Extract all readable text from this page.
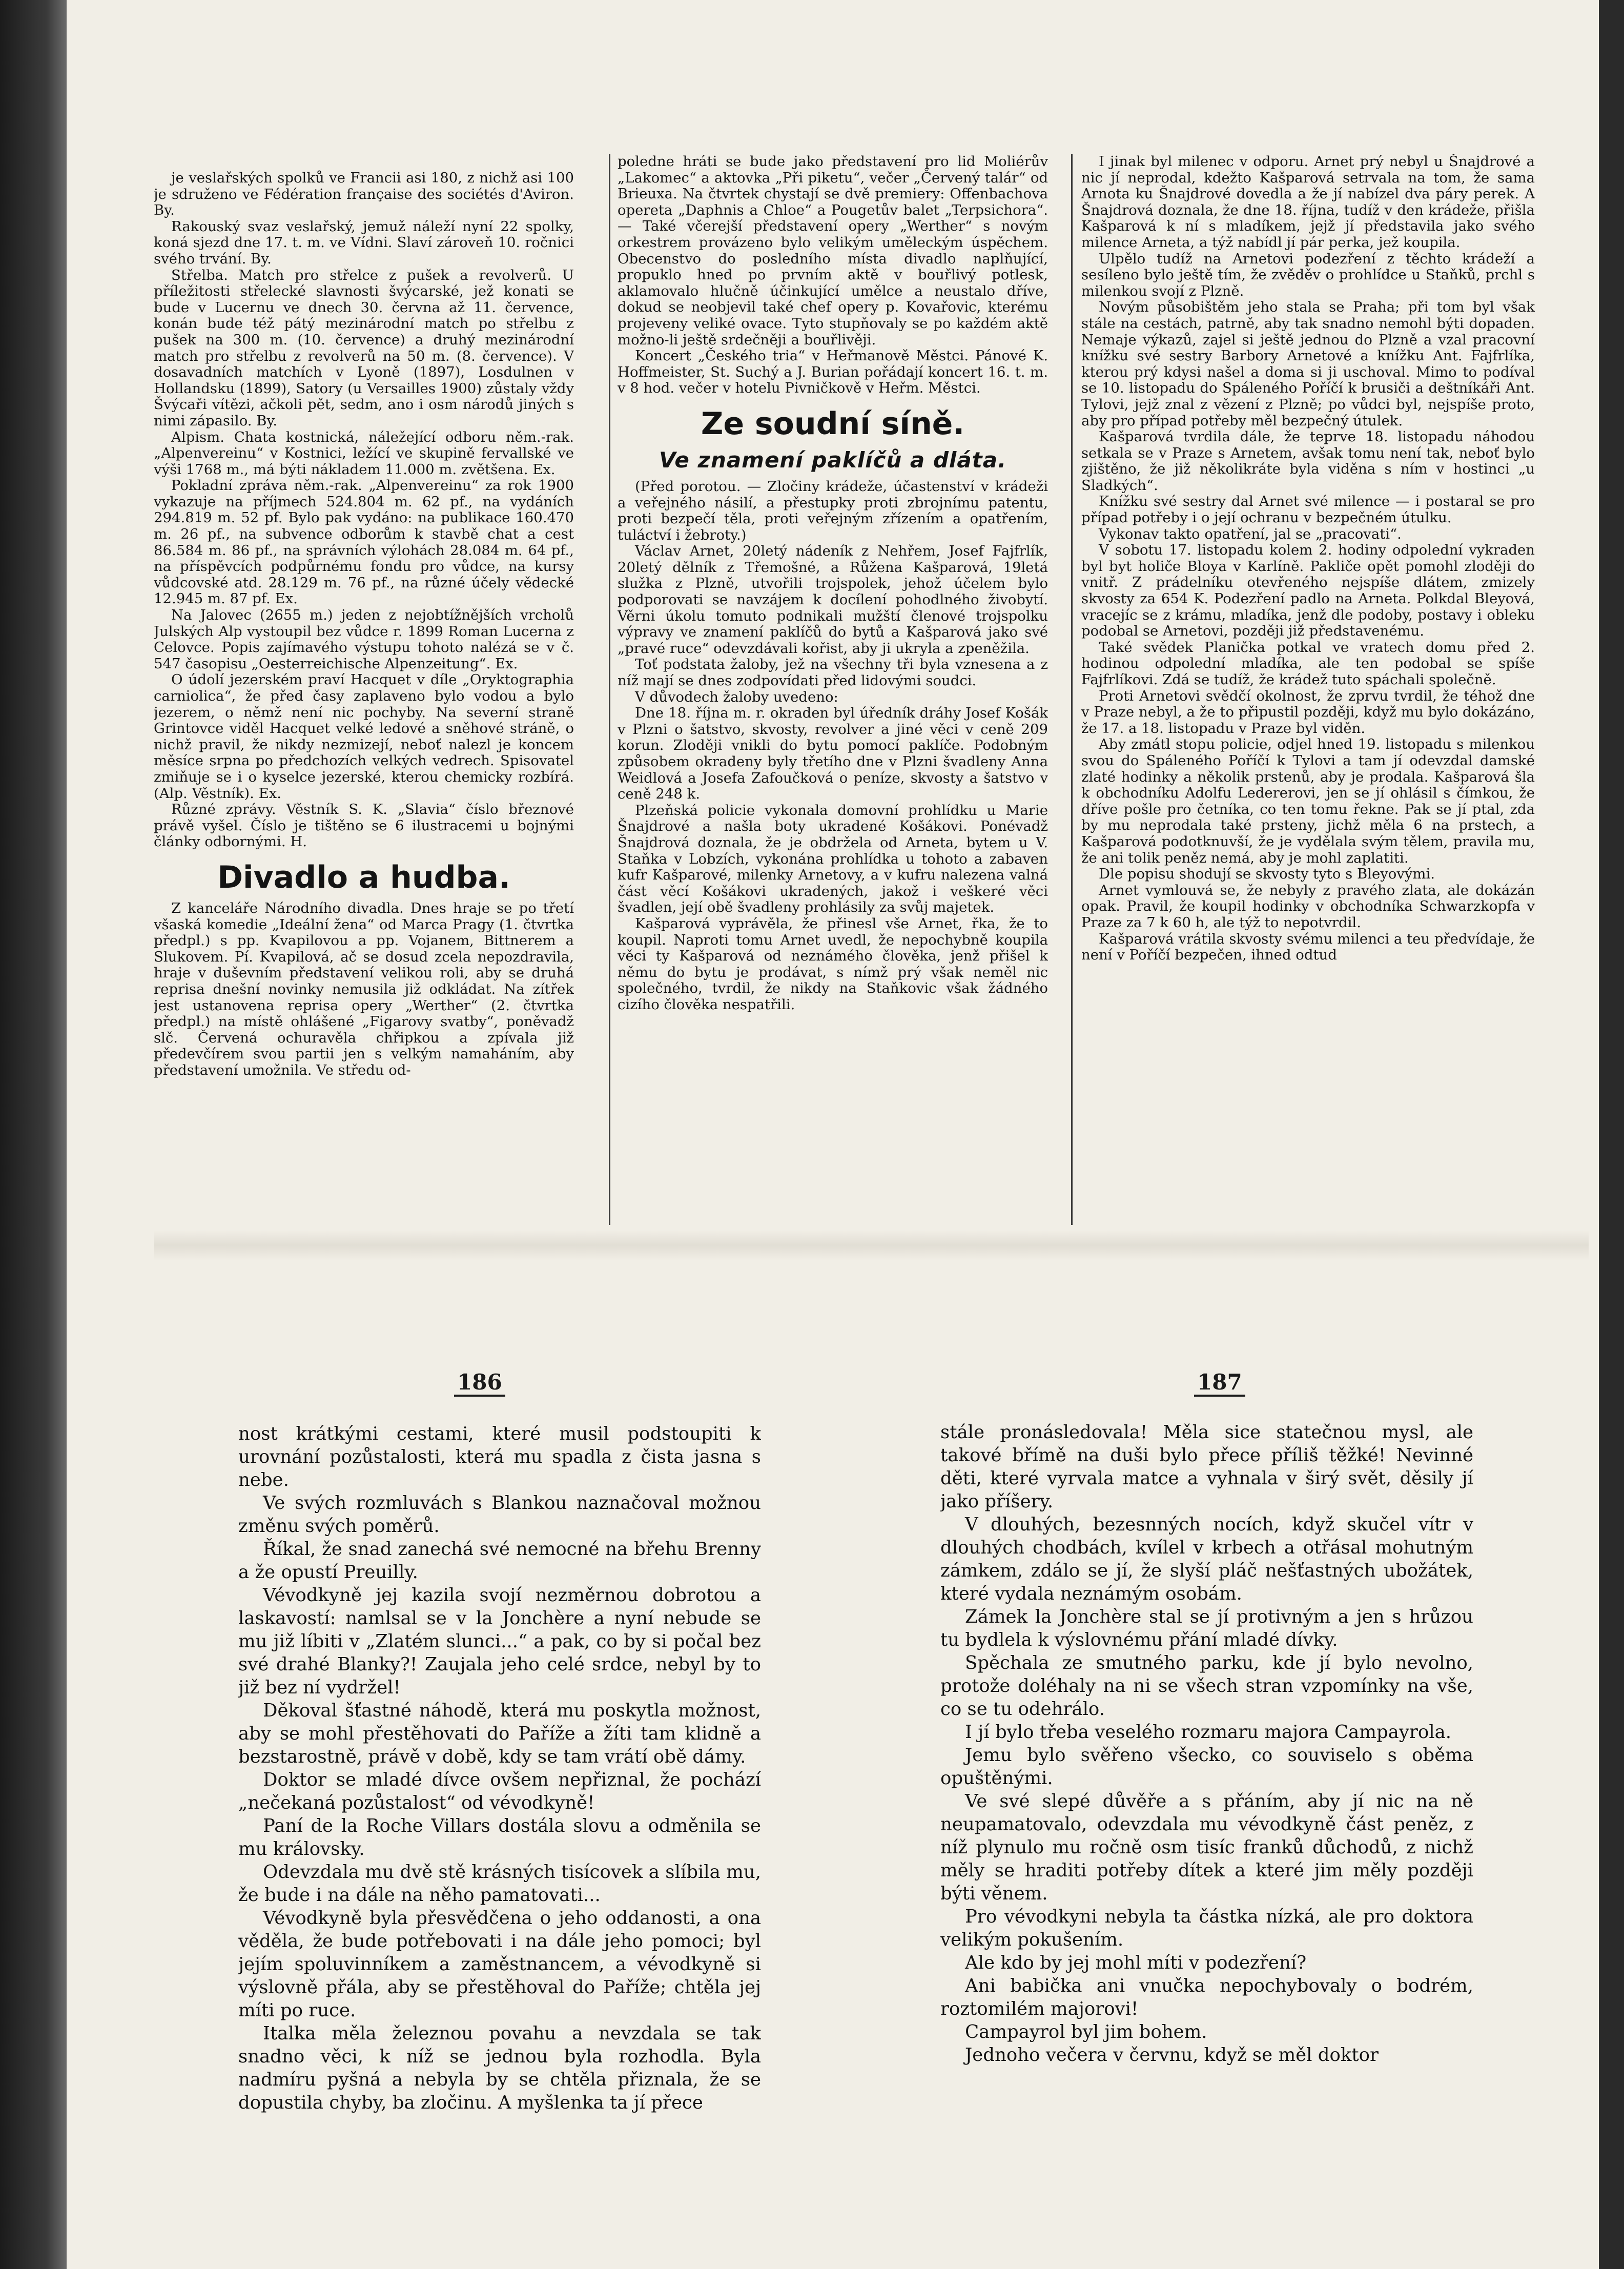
je veslařských spolků ve Francii asi 180, z nichž asi 100 je sdruženo ve Fédération française des sociétés d'Aviron. By.

Rakouský svaz veslařský, jemuž náleží nyní 22 spolky, koná sjezd dne 17. t. m. ve Vídni. Slaví zároveň 10. ročnici svého trvání. By.

Střelba. Match pro střelce z pušek a revolverů. U příležitosti střelecké slavnosti švýcarské, jež konati se bude v Lucernu ve dnech 30. června až 11. července, konán bude též pátý mezinárodní match po střelbu z pušek na 300 m. (10. července) a druhý mezinárodní match pro střelbu z revolverů na 50 m. (8. července). V dosavadních matchích v Lyoně (1897), Losdulnen v Hollandsku (1899), Satory (u Versailles 1900) zůstaly vždy Švýcaři vítězi, ačkoli pět, sedm, ano i osm národů jiných s nimi zápasilo. By.

Alpism. Chata kostnická, náležející odboru něm.-rak. „Alpenvereinu“ v Kostnici, ležící ve skupině fervallské ve výši 1768 m., má býti nákladem 11.000 m. zvětšena. Ex.

Pokladní zpráva něm.-rak. „Alpenvereinu“ za rok 1900 vykazuje na příjmech 524.804 m. 62 pf., na vydáních 294.819 m. 52 pf. Bylo pak vydáno: na publikace 160.470 m. 26 pf., na subvence odborům k stavbě chat a cest 86.584 m. 86 pf., na správních výlohách 28.084 m. 64 pf., na příspěvcích podpůrnému fondu pro vůdce, na kursy vůdcovské atd. 28.129 m. 76 pf., na různé účely vědecké 12.945 m. 87 pf. Ex.

Na Jalovec (2655 m.) jeden z nejobtížnějších vrcholů Julských Alp vystoupil bez vůdce r. 1899 Roman Lucerna z Celovce. Popis zajímavého výstupu tohoto nalézá se v č. 547 časopisu „Oesterreichische Alpenzeitung“. Ex.

O údolí jezerském praví Hacquet v díle „Oryktographia carniolica“, že před časy zaplaveno bylo vodou a bylo jezerem, o němž není nic pochyby. Na severní straně Grintovce viděl Hacquet velké ledové a sněhové stráně, o nichž pravil, že nikdy nezmizejí, neboť nalezl je koncem měsíce srpna po předchozích velkých vedrech. Spisovatel zmiňuje se i o kyselce jezerské, kterou chemicky rozbírá. (Alp. Věstník). Ex.

Různé zprávy. Věstník S. K. „Slavia“ číslo březnové právě vyšel. Číslo je tištěno se 6 ilustracemi u bojnými články odbornými. H.

Divadlo a hudba.

Z kanceláře Národního divadla. Dnes hraje se po třetí všaská komedie „Ideální žena“ od Marca Pragy (1. čtvrtka předpl.) s pp. Kvapilovou a pp. Vojanem, Bittnerem a Slukovem. Pí. Kvapilová, ač se dosud zcela nepozdravila, hraje v duševním představení velikou roli, aby se druhá reprisa dnešní novinky nemusila již odkládat. Na zítřek jest ustanovena reprisa opery „Werther“ (2. čtvrtka předpl.) na místě ohlášené „Figarovy svatby“, poněvadž slč. Červená ochuravěla chřipkou a zpívala již předevčírem svou partii jen s velkým namaháním, aby představení umožnila. Ve středu od-

poledne hráti se bude jako představení pro lid Moliérův „Lakomec“ a aktovka „Při piketu“, večer „Červený talár“ od Brieuxa. Na čtvrtek chystají se dvě premiery: Offenbachova opereta „Daphnis a Chloe“ a Pougetův balet „Terpsichora“. — Také včerejší představení opery „Werther“ s novým orkestrem provázeno bylo velikým uměleckým úspěchem. Obecenstvo do posledního místa divadlo naplňující, propuklo hned po prvním aktě v bouřlivý potlesk, aklamovalo hlučně účinkující umělce a neustalo dříve, dokud se neobjevil také chef opery p. Kovařovic, kterému projeveny veliké ovace. Tyto stupňovaly se po každém aktě možno-li ještě srdečněji a bouřlivěji.

Koncert „Českého tria“ v Heřmanově Městci. Pánové K. Hoffmeister, St. Suchý a J. Burian pořádají koncert 16. t. m. v 8 hod. večer v hotelu Pivničkově v Heřm. Městci.

Ze soudní síně.
Ve znamení paklíčů a dláta.

(Před porotou. — Zločiny krádeže, účastenství v krádeži a veřejného násilí, a přestupky proti zbrojnímu patentu, proti bezpečí těla, proti veřejným zřízením a opatřením, tuláctví i žebroty.)

Václav Arnet, 20letý nádeník z Nehřem, Josef Fajfrlík, 20letý dělník z Třemošné, a Růžena Kašparová, 19letá služka z Plzně, utvořili trojspolek, jehož účelem bylo podporovati se navzájem k docílení pohodlného živobytí. Věrni úkolu tomuto podnikali mužští členové trojspolku výpravy ve znamení paklíčů do bytů a Kašparová jako své „pravé ruce“ odevzdávali kořist, aby ji ukryla a zpeněžila.

Toť podstata žaloby, jež na všechny tři byla vznesena a z níž mají se dnes zodpovídati před lidovými soudci.

V důvodech žaloby uvedeno:

Dne 18. října m. r. okraden byl úředník dráhy Josef Košák v Plzni o šatstvo, skvosty, revolver a jiné věci v ceně 209 korun. Zloději vnikli do bytu pomocí paklíče. Podobným způsobem okradeny byly třetího dne v Plzni švadleny Anna Weidlová a Josefa Zafoučková o peníze, skvosty a šatstvo v ceně 248 k.

Plzeňská policie vykonala domovní prohlídku u Marie Šnajdrové a našla boty ukradené Košákovi. Ponévadž Šnajdrová doznala, že je obdržela od Arneta, bytem u V. Staňka v Lobzích, vykonána prohlídka u tohoto a zabaven kufr Kašparové, milenky Arnetovy, a v kufru nalezena valná část věcí Košákovi ukradených, jakož i veškeré věci švadlen, její obě švadleny prohlásily za svůj majetek.

Kašparová vyprávěla, že přinesl vše Arnet, řka, že to koupil. Naproti tomu Arnet uvedl, že nepochybně koupila věci ty Kašparová od neznámého člověka, jenž přišel k němu do bytu je prodávat, s nímž prý však neměl nic společného, tvrdil, že nikdy na Staňkovic však žádného cizího člověka nespatřili.

I jinak byl milenec v odporu. Arnet prý nebyl u Šnajdrové a nic jí neprodal, kdežto Kašparová setrvala na tom, že sama Arnota ku Šnajdrové dovedla a že jí nabízel dva páry perek. A Šnajdrová doznala, že dne 18. října, tudíž v den krádeže, přišla Kašparová k ní s mladíkem, jejž jí představila jako svého milence Arneta, a týž nabídl jí pár perka, jež koupila.

Ulpělo tudíž na Arnetovi podezření z těchto krádeží a sesíleno bylo ještě tím, že zvěděv o prohlídce u Staňků, prchl s milenkou svojí z Plzně.

Novým působištěm jeho stala se Praha; při tom byl však stále na cestách, patrně, aby tak snadno nemohl býti dopaden. Nemaje výkazů, zajel si ještě jednou do Plzně a vzal pracovní knížku své sestry Barbory Arnetové a knížku Ant. Fajfrlíka, kterou prý kdysi našel a doma si ji uschoval. Mimo to podíval se 10. listopadu do Spáleného Poříčí k brusiči a deštníkáři Ant. Tylovi, jejž znal z vězení z Plzně; po vůdci byl, nejspíše proto, aby pro případ potřeby měl bezpečný útulek.

Kašparová tvrdila dále, že teprve 18. listopadu náhodou setkala se v Praze s Arnetem, avšak tomu není tak, neboť bylo zjištěno, že již několikráte byla viděna s ním v hostinci „u Sladkých“.

Knížku své sestry dal Arnet své milence — i postaral se pro případ potřeby i o její ochranu v bezpečném útulku.

Vykonav takto opatření, jal se „pracovati“.

V sobotu 17. listopadu kolem 2. hodiny odpolední vykraden byl byt holiče Bloya v Karlíně. Pakliče opět pomohl zloději do vnitř. Z prádelníku otevřeného nejspíše dlátem, zmizely skvosty za 654 K. Podezření padlo na Arneta. Polkdal Bleyová, vracejíc se z krámu, mladíka, jenž dle podoby, postavy i obleku podobal se Arnetovi, později již představenému.

Také svědek Planička potkal ve vratech domu před 2. hodinou odpolední mladíka, ale ten podobal se spíše Fajfrlíkovi. Zdá se tudíž, že krádež tuto spáchali společně.

Proti Arnetovi svědčí okolnost, že zprvu tvrdil, že téhož dne v Praze nebyl, a že to připustil později, když mu bylo dokázáno, že 17. a 18. listopadu v Praze byl viděn.

Aby zmátl stopu policie, odjel hned 19. listopadu s milenkou svou do Spáleného Poříčí k Tylovi a tam jí odevzdal damské zlaté hodinky a několik prstenů, aby je prodala. Kašparová šla k obchodníku Adolfu Ledererovi, jen se jí ohlásil s čímkou, že dříve pošle pro četníka, co ten tomu řekne. Pak se jí ptal, zda by mu neprodala také prsteny, jichž měla 6 na prstech, a Kašparová podotknuvší, že je vydělala svým tělem, pravila mu, že ani tolik peněz nemá, aby je mohl zaplatiti.

Dle popisu shodují se skvosty tyto s Bleyovými.

Arnet vymlouvá se, že nebyly z pravého zlata, ale dokázán opak. Pravil, že koupil hodinky v obchodníka Schwarzkopfa v Praze za 7 k 60 h, ale týž to nepotvrdil.

Kašparová vrátila skvosty svému milenci a teu předvídaje, že není v Poříčí bezpečen, ihned odtud

186	187

nost krátkými cestami, které musil podstoupiti k urovnání pozůstalosti, která mu spadla z čista jasna s nebe.

Ve svých rozmluvách s Blankou naznačoval možnou změnu svých poměrů.

Říkal, že snad zanechá své nemocné na břehu Brenny a že opustí Preuilly.

Vévodkyně jej kazila svojí nezměrnou dobrotou a laskavostí: namlsal se v la Jonchère a nyní nebude se mu již líbiti v „Zlatém slunci...“ a pak, co by si počal bez své drahé Blanky?! Zaujala jeho celé srdce, nebyl by to již bez ní vydržel!

Děkoval šťastné náhodě, která mu poskytla možnost, aby se mohl přestěhovati do Paříže a žíti tam klidně a bezstarostně, právě v době, kdy se tam vrátí obě dámy.

Doktor se mladé dívce ovšem nepřiznal, že pochází „nečekaná pozůstalost“ od vévodkyně!

Paní de la Roche Villars dostála slovu a odměnila se mu královsky.

Odevzdala mu dvě stě krásných tisícovek a slíbila mu, že bude i na dále na něho pamatovati...

Vévodkyně byla přesvědčena o jeho oddanosti, a ona věděla, že bude potřebovati i na dále jeho pomoci; byl jejím spoluvinníkem a zaměstnancem, a vévodkyně si výslovně přála, aby se přestěhoval do Paříže; chtěla jej míti po ruce.

Italka měla železnou povahu a nevzdala se tak snadno věci, k níž se jednou byla rozhodla. Byla nadmíru pyšná a nebyla by se chtěla přiznala, že se dopustila chyby, ba zločinu. A myšlenka ta jí přece

stále pronásledovala! Měla sice statečnou mysl, ale takové břímě na duši bylo přece příliš těžké! Nevinné děti, které vyrvala matce a vyhnala v širý svět, děsily jí jako příšery.

V dlouhých, bezesnných nocích, když skučel vítr v dlouhých chodbách, kvílel v krbech a otřásal mohutným zámkem, zdálo se jí, že slyší pláč nešťastných ubožátek, které vydala neznámým osobám.

Zámek la Jonchère stal se jí protivným a jen s hrůzou tu bydlela k výslovnému přání mladé dívky.

Spěchala ze smutného parku, kde jí bylo nevolno, protože doléhaly na ni se všech stran vzpomínky na vše, co se tu odehrálo.

I jí bylo třeba veselého rozmaru majora Campayrola.

Jemu bylo svěřeno všecko, co souviselo s oběma opuštěnými.

Ve své slepé důvěře a s přáním, aby jí nic na ně neupamatovalo, odevzdala mu vévodkyně část peněz, z níž plynulo mu ročně osm tisíc franků důchodů, z nichž měly se hraditi potřeby dítek a které jim měly později býti věnem.

Pro vévodkyni nebyla ta částka nízká, ale pro doktora velikým pokušením.

Ale kdo by jej mohl míti v podezření?

Ani babička ani vnučka nepochybovaly o bodrém, roztomilém majorovi!

Campayrol byl jim bohem.

Jednoho večera v červnu, když se měl doktor
